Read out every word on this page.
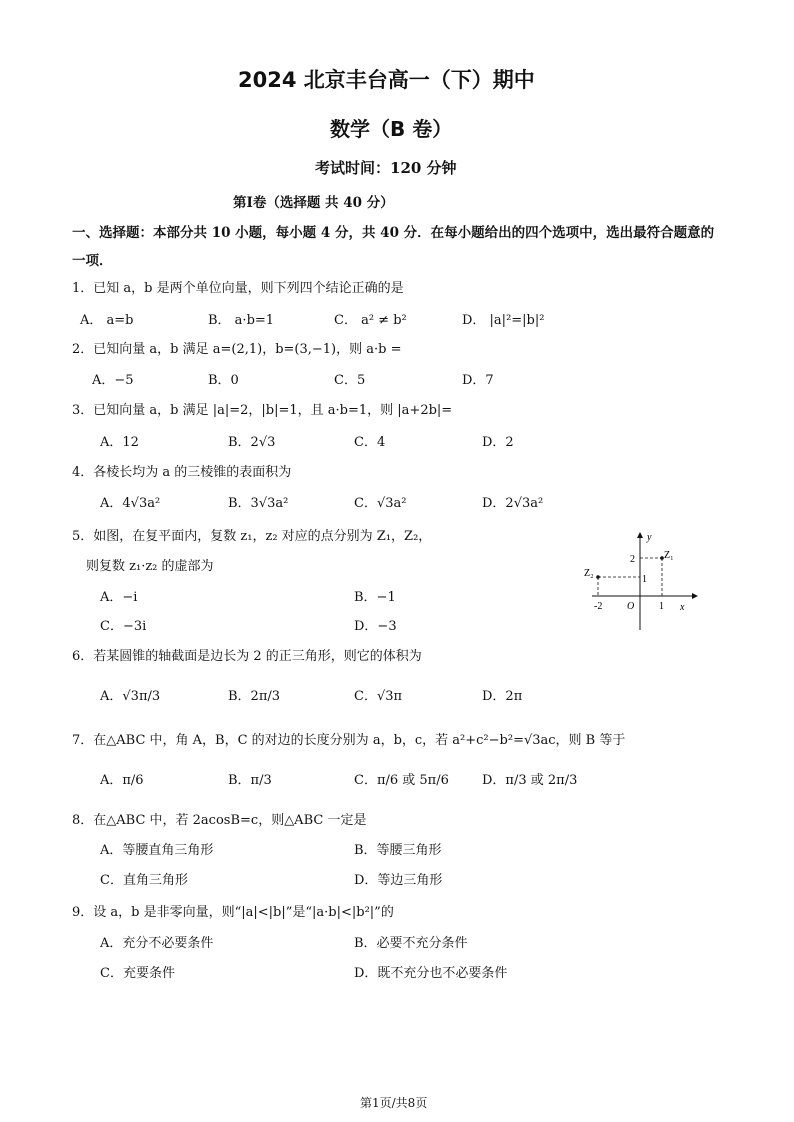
2024 北京丰台高一（下）期中
数学（B 卷）
考试时间：120 分钟
第Ⅰ卷（选择题 共 40 分）
一、选择题：本部分共 10 小题，每小题 4 分，共 40 分．在每小题给出的四个选项中，选出最符合题意的
一项．
1．已知 a，b 是两个单位向量，则下列四个结论正确的是
A． a=b	B． a·b=1	C． a² ≠ b²	D． |a|²=|b|²
2．已知向量 a，b 满足 a=(2,1)，b=(3,−1)，则 a·b =
A．−5	B．0	C．5	D．7
3．已知向量 a，b 满足 |a|=2，|b|=1，且 a·b=1，则 |a+2b|=
A．12	B．2√3	C．4	D．2
4．各棱长均为 a 的三棱锥的表面积为
A．4√3a²	B．3√3a²	C．√3a²	D．2√3a²
5．如图，在复平面内，复数 z₁，z₂ 对应的点分别为 Z₁，Z₂，
则复数 z₁·z₂ 的虚部为
A．−i	B．−1
C．−3i	D．−3
y
x
O
Z₁
Z₂
2
1
-2	1
6．若某圆锥的轴截面是边长为 2 的正三角形，则它的体积为
A．√3π/3	B．2π/3	C．√3π	D．2π
7．在△ABC 中，角 A，B，C 的对边的长度分别为 a，b，c，若 a²+c²−b²=√3ac，则 B 等于
A．π/6	B．π/3	C．π/6 或 5π/6	D．π/3 或 2π/3
8．在△ABC 中，若 2acosB=c，则△ABC 一定是
A．等腰直角三角形	B．等腰三角形
C．直角三角形	D．等边三角形
9．设 a，b 是非零向量，则“|a|<|b|”是“|a·b|<|b²|”的
A．充分不必要条件	B．必要不充分条件
C．充要条件	D．既不充分也不必要条件
第1页/共8页
